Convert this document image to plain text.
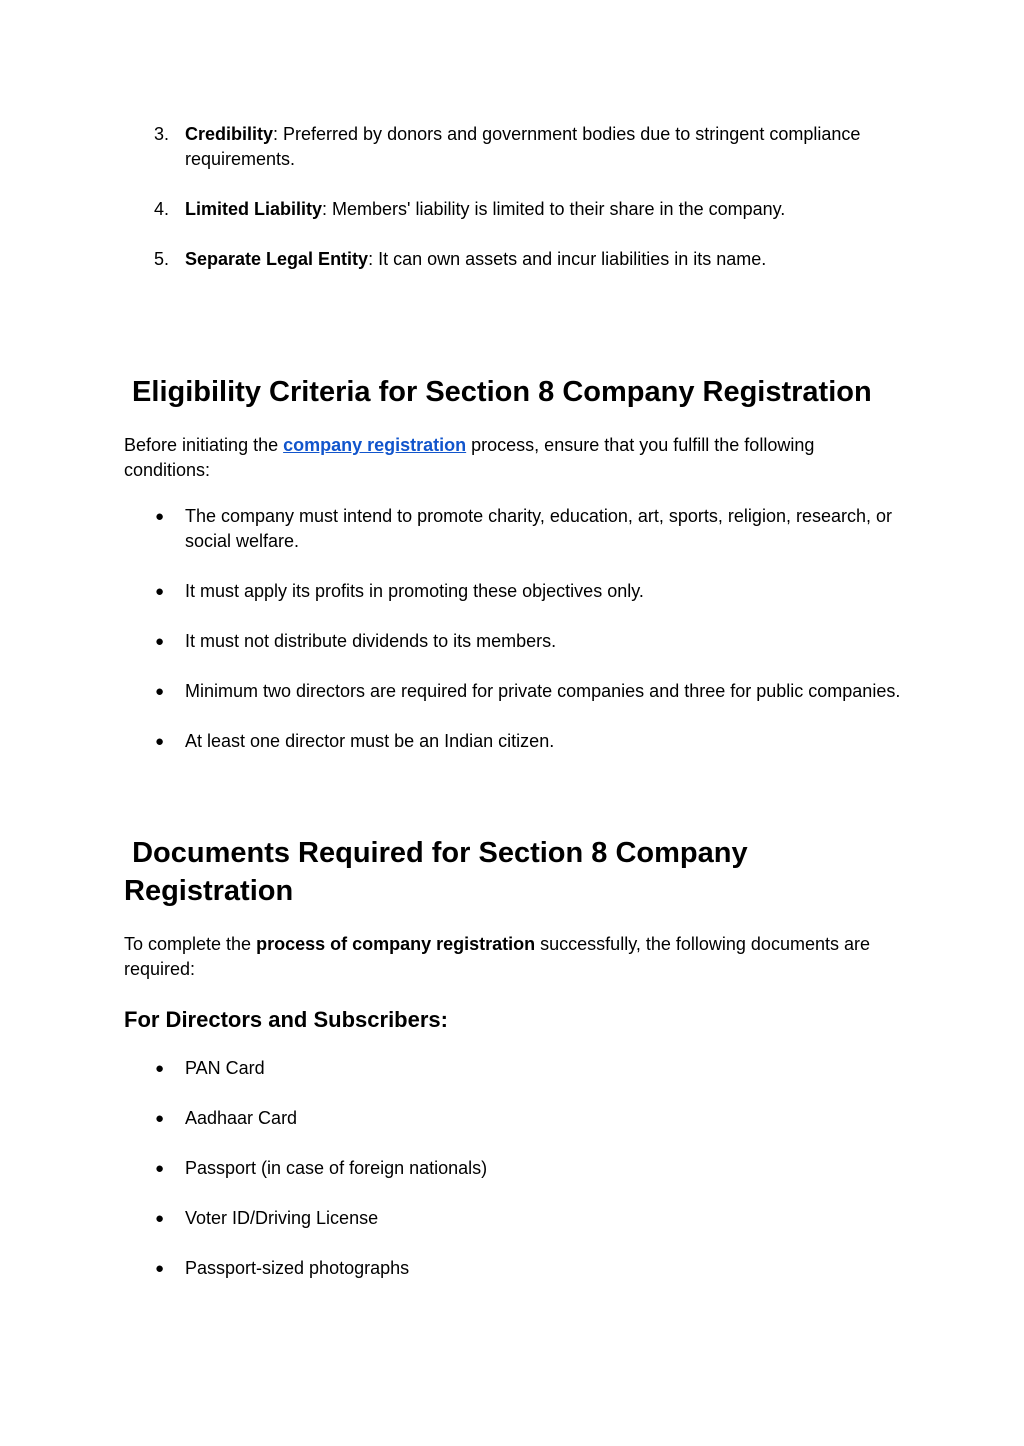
3. Credibility: Preferred by donors and government bodies due to stringent compliance requirements.
4. Limited Liability: Members' liability is limited to their share in the company.
5. Separate Legal Entity: It can own assets and incur liabilities in its name.
Eligibility Criteria for Section 8 Company Registration

Before initiating the company registration process, ensure that you fulfill the following conditions:

● The company must intend to promote charity, education, art, sports, religion, research, or social welfare.
● It must apply its profits in promoting these objectives only.
● It must not distribute dividends to its members.
● Minimum two directors are required for private companies and three for public companies.
● At least one director must be an Indian citizen.
Documents Required for Section 8 Company Registration

To complete the process of company registration successfully, the following documents are required:

For Directors and Subscribers:
● PAN Card
● Aadhaar Card
● Passport (in case of foreign nationals)
● Voter ID/Driving License
● Passport-sized photographs
